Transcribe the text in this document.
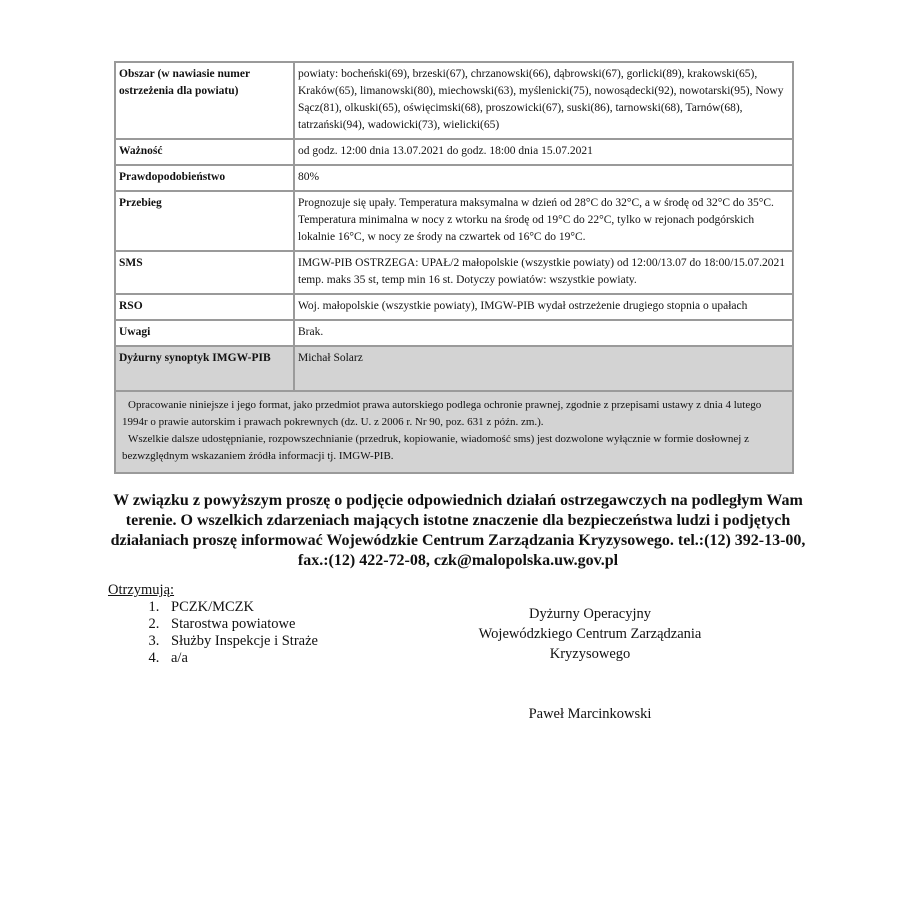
Obszar (w nawiasie numer ostrzeżenia dla powiatu)	powiaty: bocheński(69), brzeski(67), chrzanowski(66), dąbrowski(67), gorlicki(89), krakowski(65), Kraków(65), limanowski(80), miechowski(63), myślenicki(75), nowosądecki(92), nowotarski(95), Nowy Sącz(81), olkuski(65), oświęcimski(68), proszowicki(67), suski(86), tarnowski(68), Tarnów(68), tatrzański(94), wadowicki(73), wielicki(65)
Ważność	od godz. 12:00 dnia 13.07.2021 do godz. 18:00 dnia 15.07.2021
Prawdopodobieństwo	80%
Przebieg	Prognozuje się upały. Temperatura maksymalna w dzień od 28°C do 32°C, a w środę od 32°C do 35°C. Temperatura minimalna w nocy z wtorku na środę od 19°C do 22°C, tylko w rejonach podgórskich lokalnie 16°C, w nocy ze środy na czwartek od 16°C do 19°C.
SMS	IMGW-PIB OSTRZEGA: UPAŁ/2 małopolskie (wszystkie powiaty) od 12:00/13.07 do 18:00/15.07.2021 temp. maks 35 st, temp min 16 st. Dotyczy powiatów: wszystkie powiaty.
RSO	Woj. małopolskie (wszystkie powiaty), IMGW-PIB wydał ostrzeżenie drugiego stopnia o upałach
Uwagi	Brak.
Dyżurny synoptyk IMGW-PIB	Michał Solarz

Opracowanie niniejsze i jego format, jako przedmiot prawa autorskiego podlega ochronie prawnej, zgodnie z przepisami ustawy z dnia 4 lutego 1994r o prawie autorskim i prawach pokrewnych (dz. U. z 2006 r. Nr 90, poz. 631 z późn. zm.).

Wszelkie dalsze udostępnianie, rozpowszechnianie (przedruk, kopiowanie, wiadomość sms) jest dozwolone wyłącznie w formie dosłownej z bezwzględnym wskazaniem źródła informacji tj. IMGW-PIB.	

W związku z powyższym proszę o podjęcie odpowiednich działań ostrzegawczych na podległym Wam terenie. O wszelkich zdarzeniach mających istotne znaczenie dla bezpieczeństwa ludzi i podjętych działaniach proszę informować Wojewódzkie Centrum Zarządzania Kryzysowego. tel.:(12) 392-13-00, fax.:(12) 422-72-08, czk@malopolska.uw.gov.pl

Otrzymują:
1. PCZK/MCZK
2. Starostwa powiatowe
3. Służby Inspekcje i Straże
4. a/a
Dyżurny Operacyjny
Wojewódzkiego Centrum Zarządzania
Kryzysowego
Paweł Marcinkowski
